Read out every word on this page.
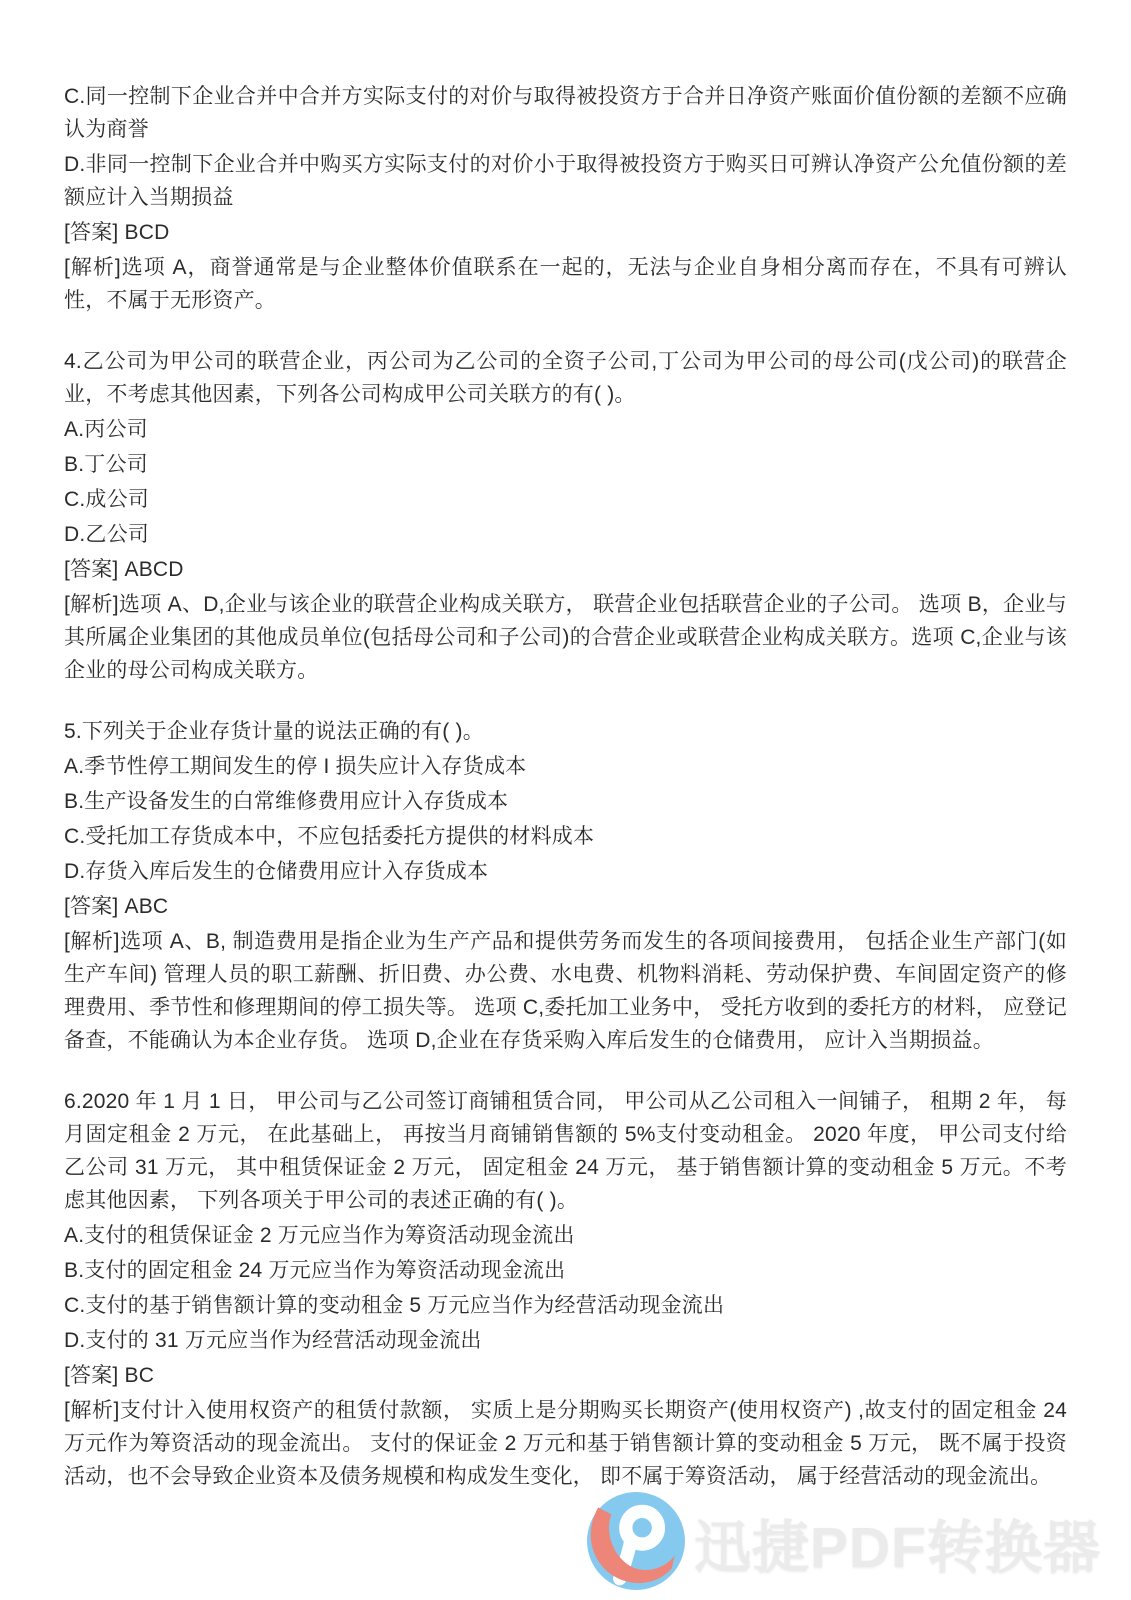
C.同一控制下企业合并中合并方实际支付的对价与取得被投资方于合并日净资产账面价值份额的差额不应确认为商誉

D.非同一控制下企业合并中购买方实际支付的对价小于取得被投资方于购买日可辨认净资产公允值份额的差额应计入当期损益

[答案] BCD

[解析]选项 A，商誉通常是与企业整体价值联系在一起的，无法与企业自身相分离而存在，不具有可辨认性，不属于无形资产。

4.乙公司为甲公司的联营企业，丙公司为乙公司的全资子公司,丁公司为甲公司的母公司(戊公司)的联营企业，不考虑其他因素，下列各公司构成甲公司关联方的有( )。

A.丙公司

B.丁公司

C.成公司

D.乙公司

[答案] ABCD

[解析]选项 A、D,企业与该企业的联营企业构成关联方， 联营企业包括联营企业的子公司。 选项 B，企业与其所属企业集团的其他成员单位(包括母公司和子公司)的合营企业或联营企业构成关联方。选项 C,企业与该企业的母公司构成关联方。

5.下列关于企业存货计量的说法正确的有( )。

A.季节性停工期间发生的停 I 损失应计入存货成本

B.生产设备发生的白常维修费用应计入存货成本

C.受托加工存货成本中，不应包括委托方提供的材料成本

D.存货入库后发生的仓储费用应计入存货成本

[答案] ABC

[解析]选项 A、B, 制造费用是指企业为生产产品和提供劳务而发生的各项间接费用， 包括企业生产部门(如生产车间) 管理人员的职工薪酬、折旧费、办公费、水电费、机物料消耗、劳动保护费、车间固定资产的修理费用、季节性和修理期间的停工损失等。 选项 C,委托加工业务中， 受托方收到的委托方的材料， 应登记备查，不能确认为本企业存货。 选项 D,企业在存货采购入库后发生的仓储费用， 应计入当期损益。

6.2020 年 1 月 1 日， 甲公司与乙公司签订商铺租赁合同， 甲公司从乙公司租入一间铺子， 租期 2 年， 每月固定租金 2 万元， 在此基础上， 再按当月商铺销售额的 5%支付变动租金。 2020 年度， 甲公司支付给乙公司 31 万元， 其中租赁保证金 2 万元， 固定租金 24 万元， 基于销售额计算的变动租金 5 万元。不考虑其他因素， 下列各项关于甲公司的表述正确的有( )。

A.支付的租赁保证金 2 万元应当作为筹资活动现金流出

B.支付的固定租金 24 万元应当作为筹资活动现金流出

C.支付的基于销售额计算的变动租金 5 万元应当作为经营活动现金流出

D.支付的 31 万元应当作为经营活动现金流出

[答案] BC

[解析]支付计入使用权资产的租赁付款额， 实质上是分期购买长期资产(使用权资产) ,故支付的固定租金 24 万元作为筹资活动的现金流出。 支付的保证金 2 万元和基于销售额计算的变动租金 5 万元， 既不属于投资活动，也不会导致企业资本及债务规模和构成发生变化， 即不属于筹资活动， 属于经营活动的现金流出。

迅捷PDF转换器
